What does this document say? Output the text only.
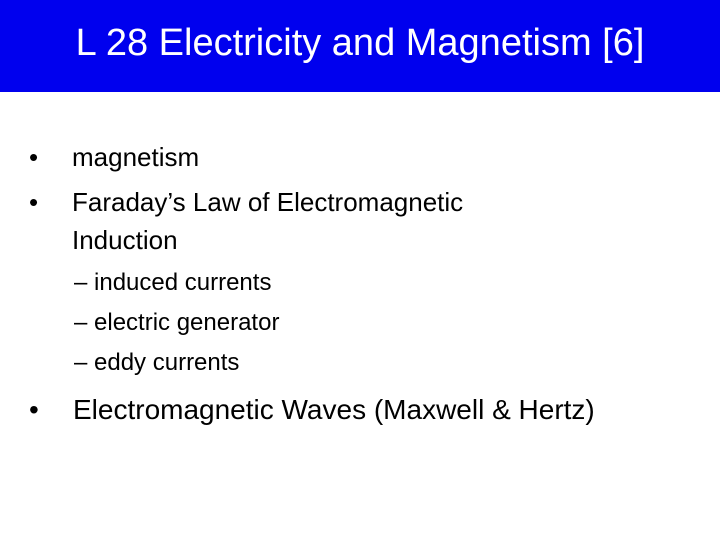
L 28 Electricity and Magnetism [6]
• magnetism
• Faraday’s Law of Electromagnetic
Induction
– induced currents
– electric generator
– eddy currents
• Electromagnetic Waves (Maxwell & Hertz)
